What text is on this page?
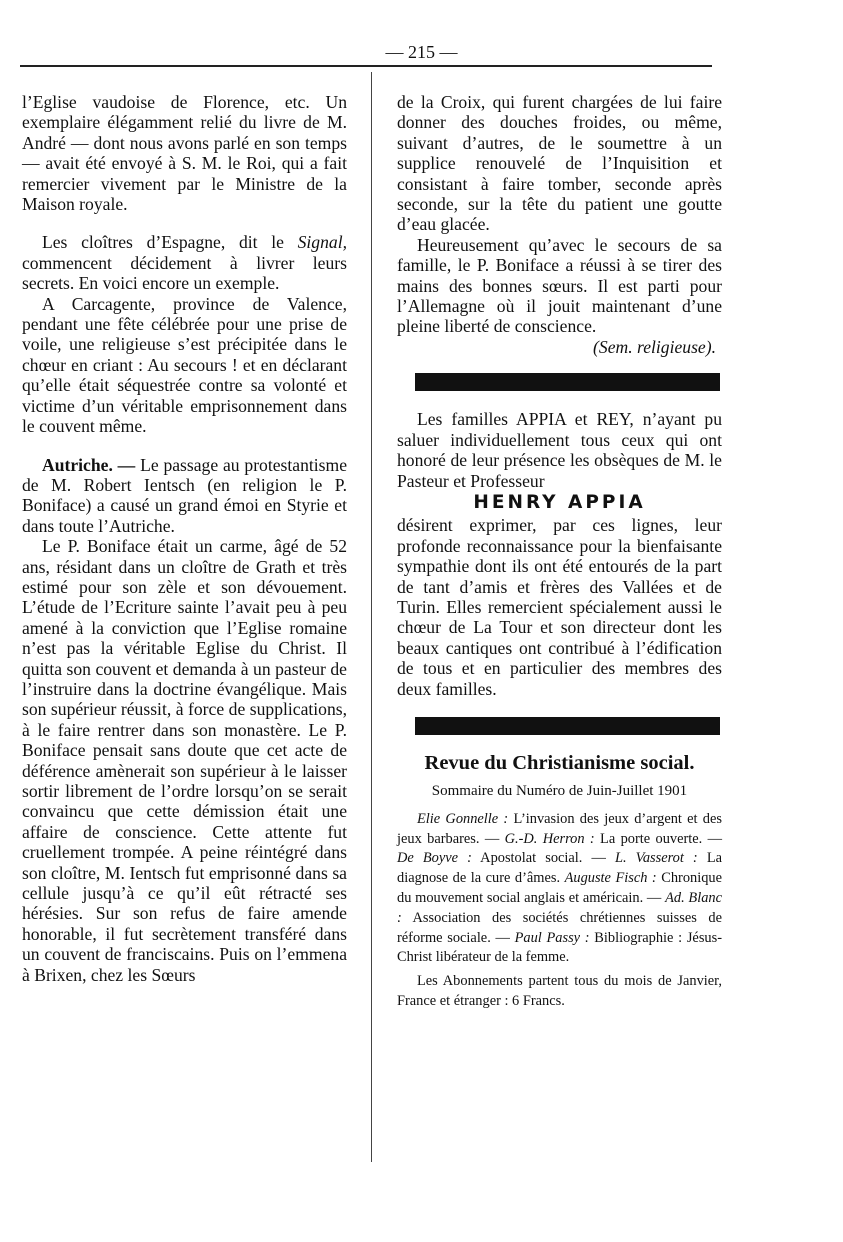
— 215 —

l’Eglise vaudoise de Florence, etc. Un exemplaire élégamment relié du livre de M. André — dont nous avons parlé en son temps — avait été envoyé à S. M. le Roi, qui a fait remercier vivement par le Ministre de la Maison royale.

Les cloîtres d’Espagne, dit le Signal, commencent décidement à livrer leurs secrets. En voici encore un exemple.

A Carcagente, province de Valence, pendant une fête célébrée pour une prise de voile, une religieuse s’est précipitée dans le chœur en criant : Au secours ! et en déclarant qu’elle était séquestrée contre sa volonté et victime d’un véritable emprisonnement dans le couvent même.

Autriche. — Le passage au protestantisme de M. Robert Ientsch (en religion le P. Boniface) a causé un grand émoi en Styrie et dans toute l’Autriche.

Le P. Boniface était un carme, âgé de 52 ans, résidant dans un cloître de Grath et très estimé pour son zèle et son dévouement. L’étude de l’Ecriture sainte l’avait peu à peu amené à la conviction que l’Eglise romaine n’est pas la véritable Eglise du Christ. Il quitta son couvent et demanda à un pasteur de l’instruire dans la doctrine évangélique. Mais son supérieur réussit, à force de supplications, à le faire rentrer dans son monastère. Le P. Boniface pensait sans doute que cet acte de déférence amènerait son supérieur à le laisser sortir librement de l’ordre lorsqu’on se serait convaincu que cette démission était une affaire de conscience. Cette attente fut cruellement trompée. A peine réintégré dans son cloître, M. Ientsch fut emprisonné dans sa cellule jusqu’à ce qu’il eût rétracté ses hérésies. Sur son refus de faire amende honorable, il fut secrètement transféré dans un couvent de franciscains. Puis on l’emmena à Brixen, chez les Sœurs

de la Croix, qui furent chargées de lui faire donner des douches froides, ou même, suivant d’autres, de le soumettre à un supplice renouvelé de l’Inquisition et consistant à faire tomber, seconde après seconde, sur la tête du patient une goutte d’eau glacée.

Heureusement qu’avec le secours de sa famille, le P. Boniface a réussi à se tirer des mains des bonnes sœurs. Il est parti pour l’Allemagne où il jouit maintenant d’une pleine liberté de conscience.

(Sem. religieuse).

Les familles APPIA et REY, n’ayant pu saluer individuellement tous ceux qui ont honoré de leur présence les obsèques de M. le Pasteur et Professeur

HENRY APPIA

désirent exprimer, par ces lignes, leur profonde reconnaissance pour la bienfaisante sympathie dont ils ont été entourés de la part de tant d’amis et frères des Vallées et de Turin. Elles remercient spécialement aussi le chœur de La Tour et son directeur dont les beaux cantiques ont contribué à l’édification de tous et en particulier des membres des deux familles.

Revue du Christianisme social.

Sommaire du Numéro de Juin-Juillet 1901

Elie Gonnelle : L’invasion des jeux d’argent et des jeux barbares. — G.-D. Herron : La porte ouverte. — De Boyve : Apostolat social. — L. Vasserot : La diagnose de la cure d’âmes. Auguste Fisch : Chronique du mouvement social anglais et américain. — Ad. Blanc : Association des sociétés chrétiennes suisses de réforme sociale. — Paul Passy : Bibliographie : Jésus-Christ libérateur de la femme.

Les Abonnements partent tous du mois de Janvier, France et étranger : 6 Francs.
